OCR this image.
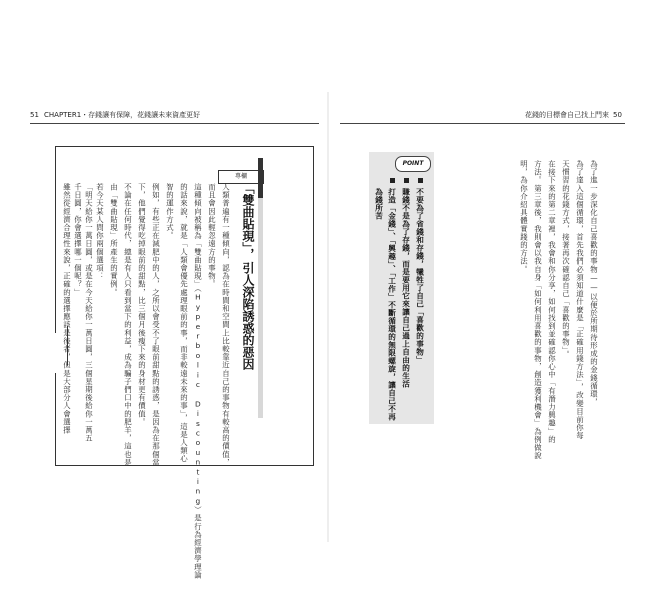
51 CHAPTER1・存錢讓有保障，花錢讓未來資產更好	花錢的目標會自己找上門來 50
專欄
「雙曲貼現」，
引人深陷誘惑的惡因
人類普遍有一種傾向，認為在時間和空間上比較靠近自己的事物有較高的價值，
而且會因此輕忽遠方的事物。
這種傾向被稱為「雙曲貼現」（Hyperbolic Discounting）是行為經濟學理論
的話來說，就是「人類會優先處理眼前的事，而非較遠未來的事」，這是人類心
智的運作方式。
例如，有些正在減肥中的人，之所以會受不了眼前甜點的誘惑，是因為在那個當
下，他們覺得吃掉眼前的甜點，比三個月後瘦下來的身材更有價值。
不論在任何時代，總是有人只看到當下的利益，成為騙子們口中的肥羊，這也是
由「雙曲貼現」所產生的實例。
若今天某人問你兩個選項：
「明天給你一萬日圓，或是在今天給你一萬日圓，三個星期後給你一萬五
千日圓，你會選擇哪一個呢？」
雖然從經濟合理性來說，正確的選擇應該是後者，但是大部分人會選擇	為了進一步深化自己喜歡的事物——以便於所期待形成的金錢循環，
為了達入這個循環，首先我們必須知道什麼是「正確用錢方法」，改變目前你每
天慣習的花錢方式，接著再次確認自己「喜歡的事物」。
在接下來的第二章裡，我會和你分享，如何找到並確認你心中「有潛力興趣」的
方法。第三章後，我則會以我自身「如何利用喜歡的事物，創造獲利機會」為例做說
明，為你介紹具體實踐的方法。
POINT
不要為了省錢和存錢，犧牲了自己「喜歡的事物」
賺錢不是為了存錢，而是要用它來讓自己過上自由的生活
打造「金錢」、「興趣」、「工作」不斷循環的無限螺旋，讓自己不再
為錢所苦
